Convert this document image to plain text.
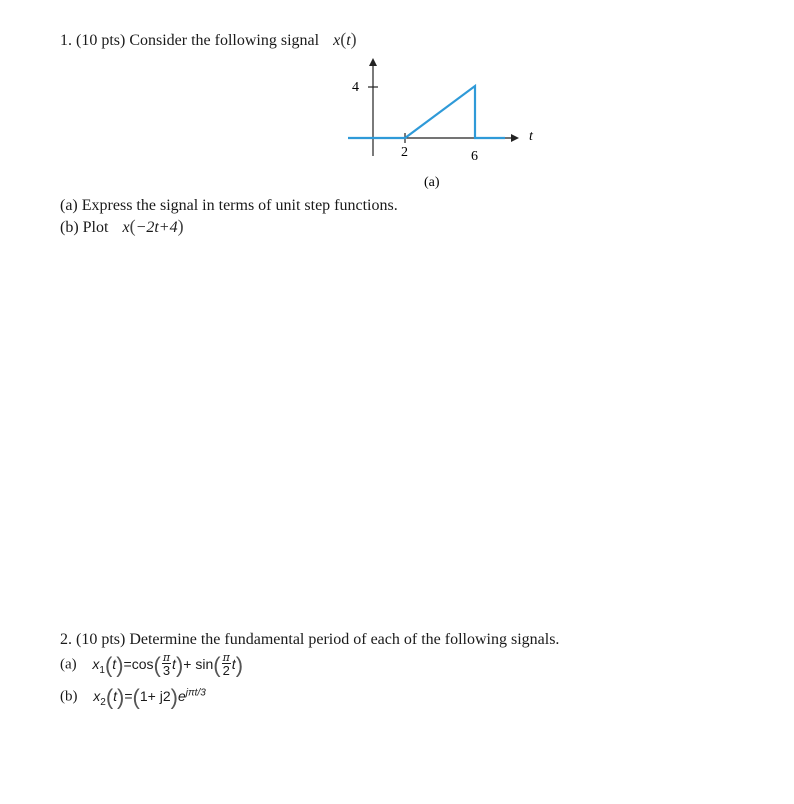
1. (10 pts) Consider the following signal x(t)
4
t
2	6
(a)
(a) Express the signal in terms of unit step functions.
(b) Plot x(−2t+4)
2. (10 pts) Determine the fundamental period of each of the following signals.
(a) $x_1(t)=\cos( \frac{\pi}{3} t)+ \sin( \frac{\pi}{2} t)$
(b) $x_2(t)=(1+ j2)e^{j\pi t/3}$
